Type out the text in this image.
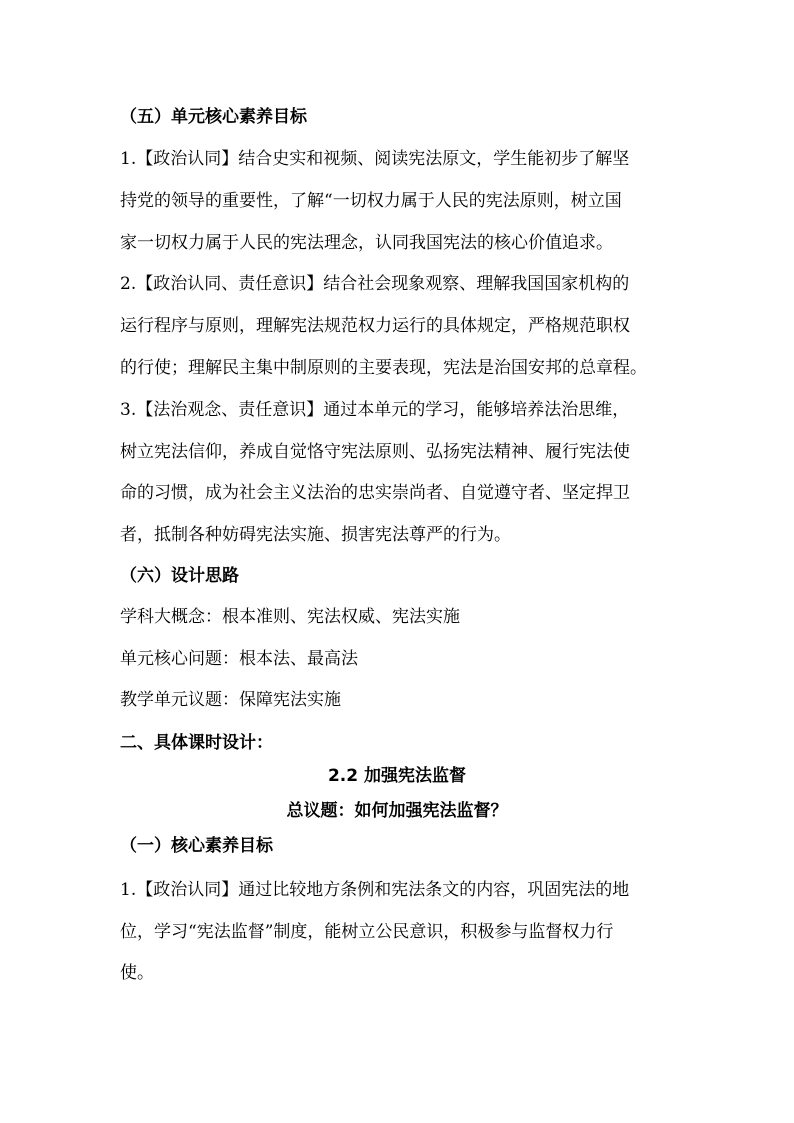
（五）单元核心素养目标
1.【政治认同】结合史实和视频、阅读宪法原文，学生能初步了解坚
持党的领导的重要性，了解“一切权力属于人民的宪法原则，树立国
家一切权力属于人民的宪法理念，认同我国宪法的核心价值追求。
2.【政治认同、责任意识】结合社会现象观察、理解我国国家机构的
运行程序与原则，理解宪法规范权力运行的具体规定，严格规范职权
的行使；理解民主集中制原则的主要表现，宪法是治国安邦的总章程。
3.【法治观念、责任意识】通过本单元的学习，能够培养法治思维，
树立宪法信仰，养成自觉恪守宪法原则、弘扬宪法精神、履行宪法使
命的习惯，成为社会主义法治的忠实崇尚者、自觉遵守者、坚定捍卫
者，抵制各种妨碍宪法实施、损害宪法尊严的行为。
（六）设计思路
学科大概念：根本准则、宪法权威、宪法实施
单元核心问题：根本法、最高法
教学单元议题：保障宪法实施
二、具体课时设计：
2.2 加强宪法监督
总议题：如何加强宪法监督？
（一）核心素养目标
1.【政治认同】通过比较地方条例和宪法条文的内容，巩固宪法的地
位，学习“宪法监督”制度，能树立公民意识，积极参与监督权力行
使。
